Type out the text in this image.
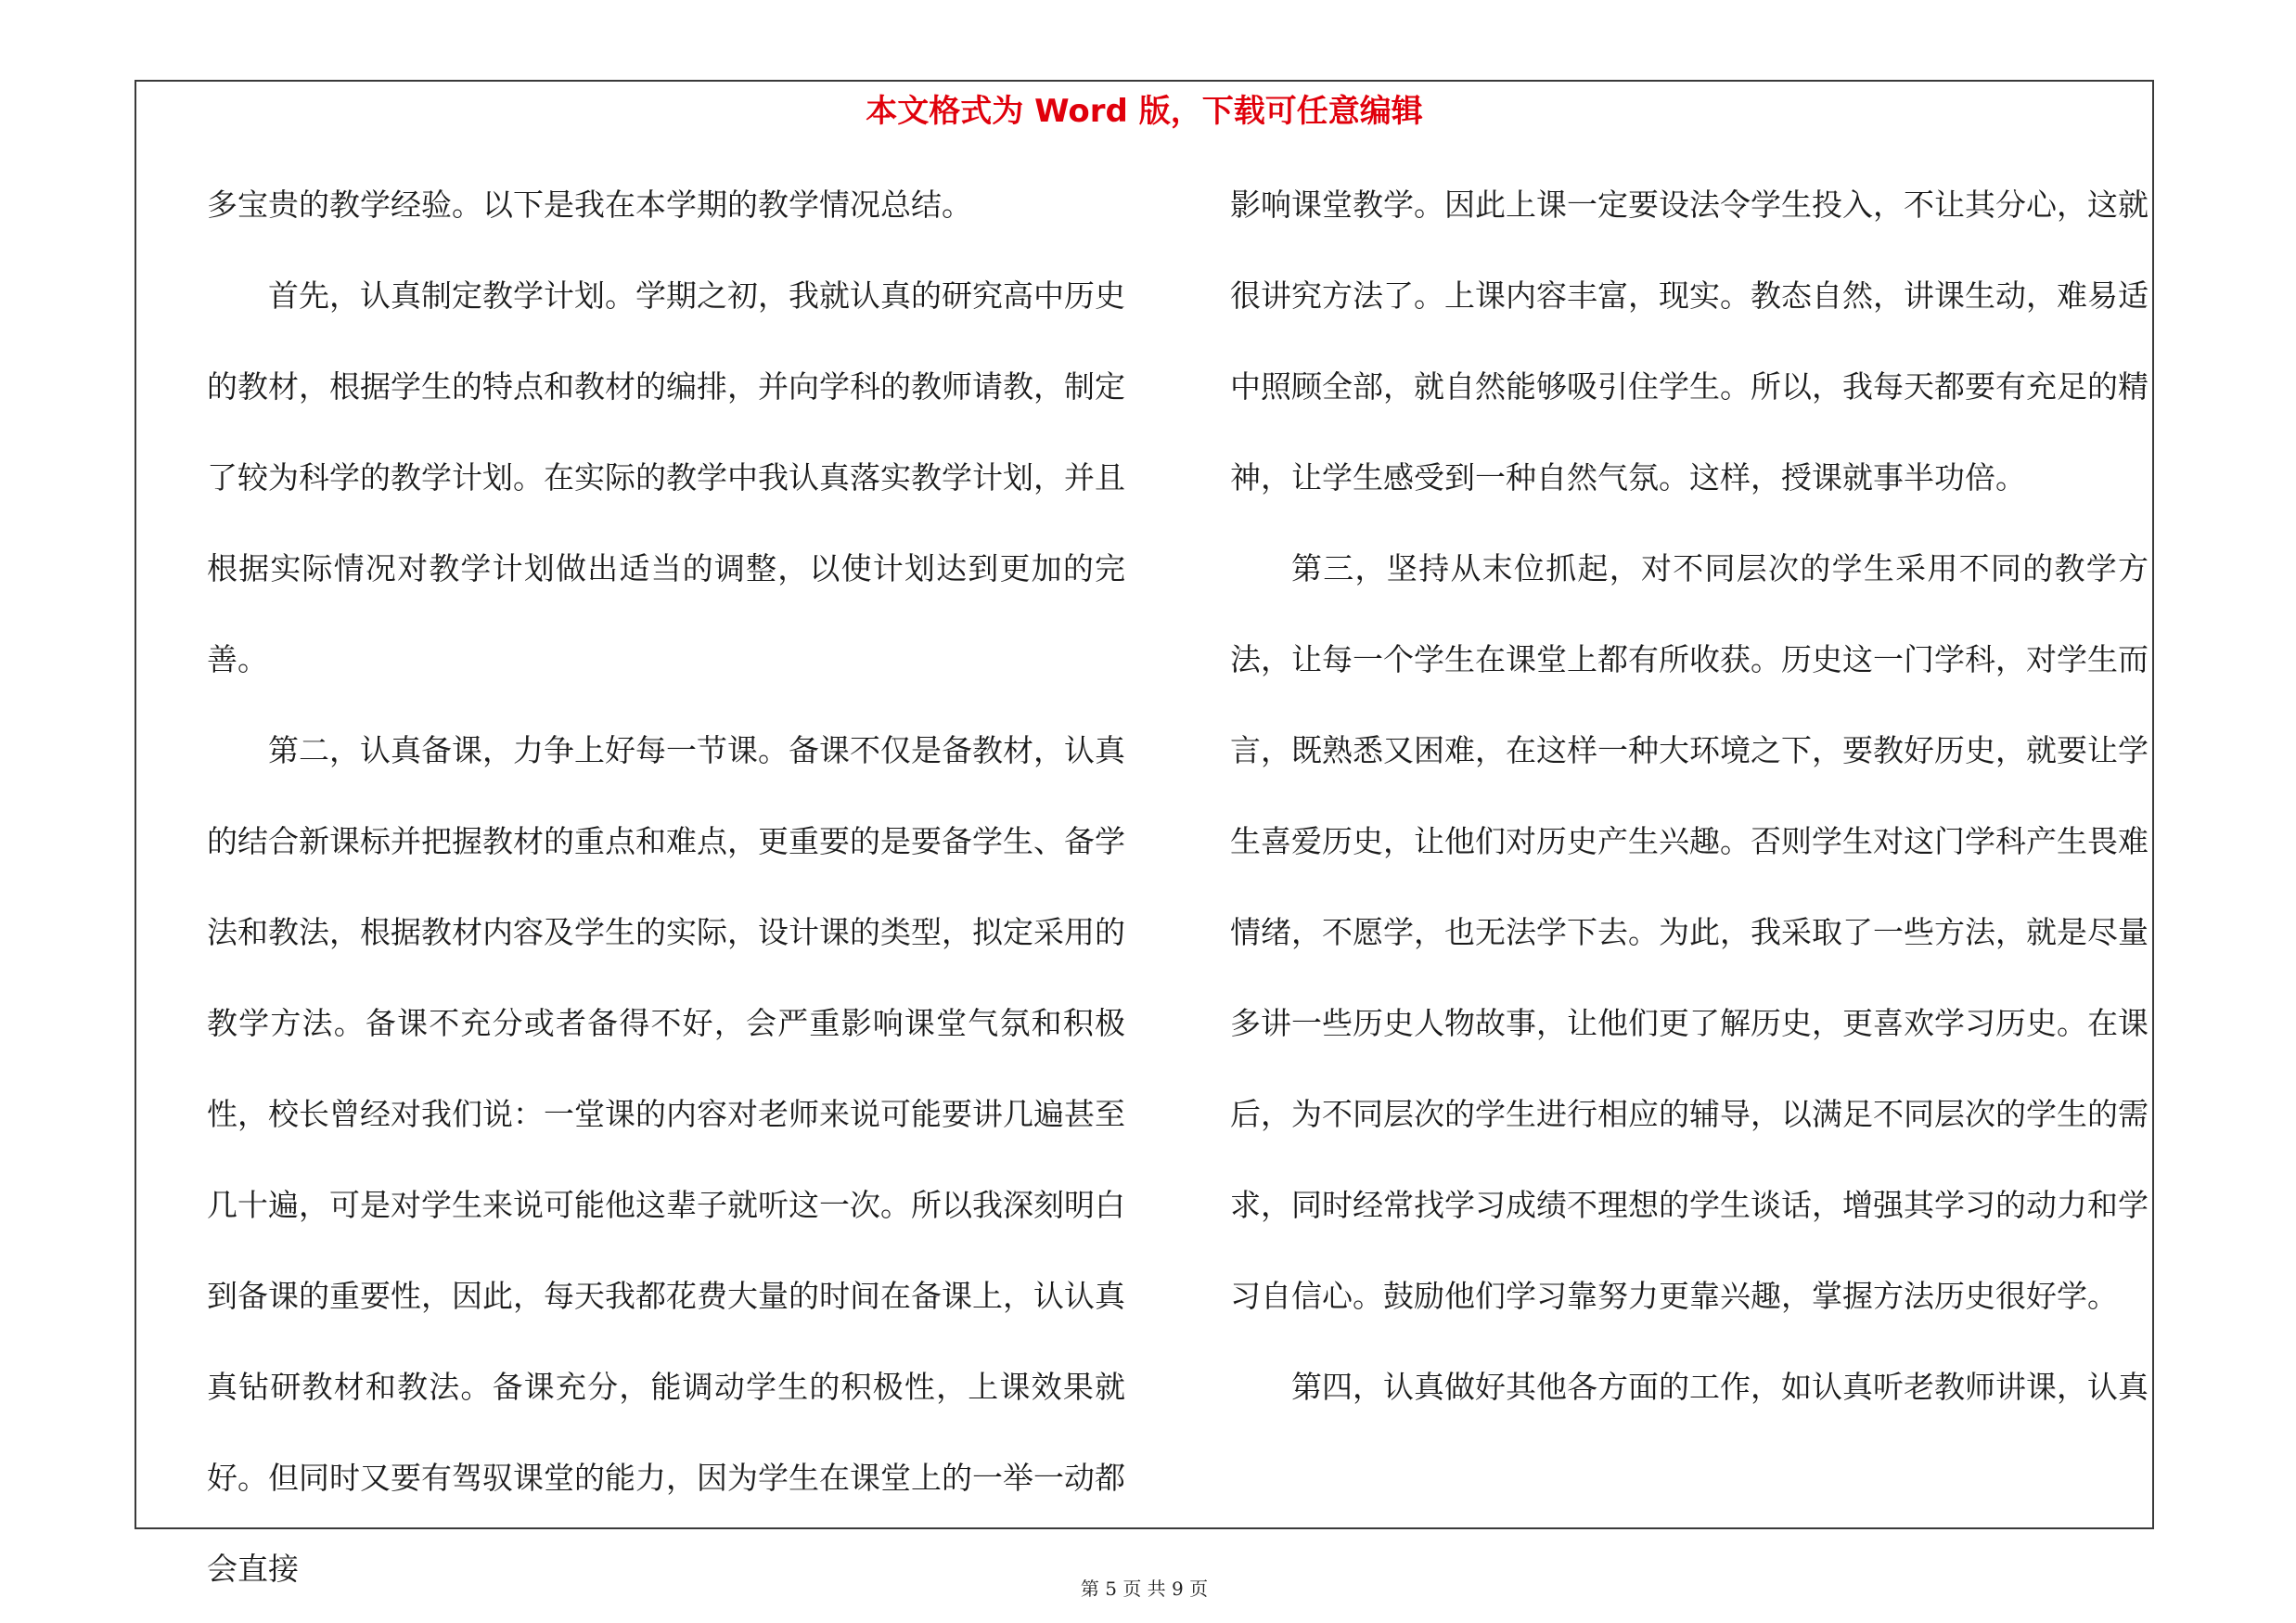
本文格式为 Word 版，下载可任意编辑
第 5 页 共 9 页

多宝贵的教学经验。以下是我在本学期的教学情况总结。

首先，认真制定教学计划。学期之初，我就认真的研究高中历史的教材，根据学生的特点和教材的编排，并向学科的教师请教，制定了较为科学的教学计划。在实际的教学中我认真落实教学计划，并且根据实际情况对教学计划做出适当的调整，以使计划达到更加的完善。

第二，认真备课，力争上好每一节课。备课不仅是备教材，认真的结合新课标并把握教材的重点和难点，更重要的是要备学生、备学法和教法，根据教材内容及学生的实际，设计课的类型，拟定采用的教学方法。备课不充分或者备得不好，会严重影响课堂气氛和积极性，校长曾经对我们说：一堂课的内容对老师来说可能要讲几遍甚至几十遍，可是对学生来说可能他这辈子就听这一次。所以我深刻明白到备课的重要性，因此，每天我都花费大量的时间在备课上，认认真真钻研教材和教法。备课充分，能调动学生的积极性，上课效果就好。但同时又要有驾驭课堂的能力，因为学生在课堂上的一举一动都会直接

影响课堂教学。因此上课一定要设法令学生投入，不让其分心，这就很讲究方法了。上课内容丰富，现实。教态自然，讲课生动，难易适中照顾全部，就自然能够吸引住学生。所以，我每天都要有充足的精神，让学生感受到一种自然气氛。这样，授课就事半功倍。

第三，坚持从末位抓起，对不同层次的学生采用不同的教学方法，让每一个学生在课堂上都有所收获。历史这一门学科，对学生而言，既熟悉又困难，在这样一种大环境之下，要教好历史，就要让学生喜爱历史，让他们对历史产生兴趣。否则学生对这门学科产生畏难情绪，不愿学，也无法学下去。为此，我采取了一些方法，就是尽量多讲一些历史人物故事，让他们更了解历史，更喜欢学习历史。在课后，为不同层次的学生进行相应的辅导，以满足不同层次的学生的需求，同时经常找学习成绩不理想的学生谈话，增强其学习的动力和学习自信心。鼓励他们学习靠努力更靠兴趣，掌握方法历史很好学。

第四，认真做好其他各方面的工作，如认真听老教师讲课，认真
